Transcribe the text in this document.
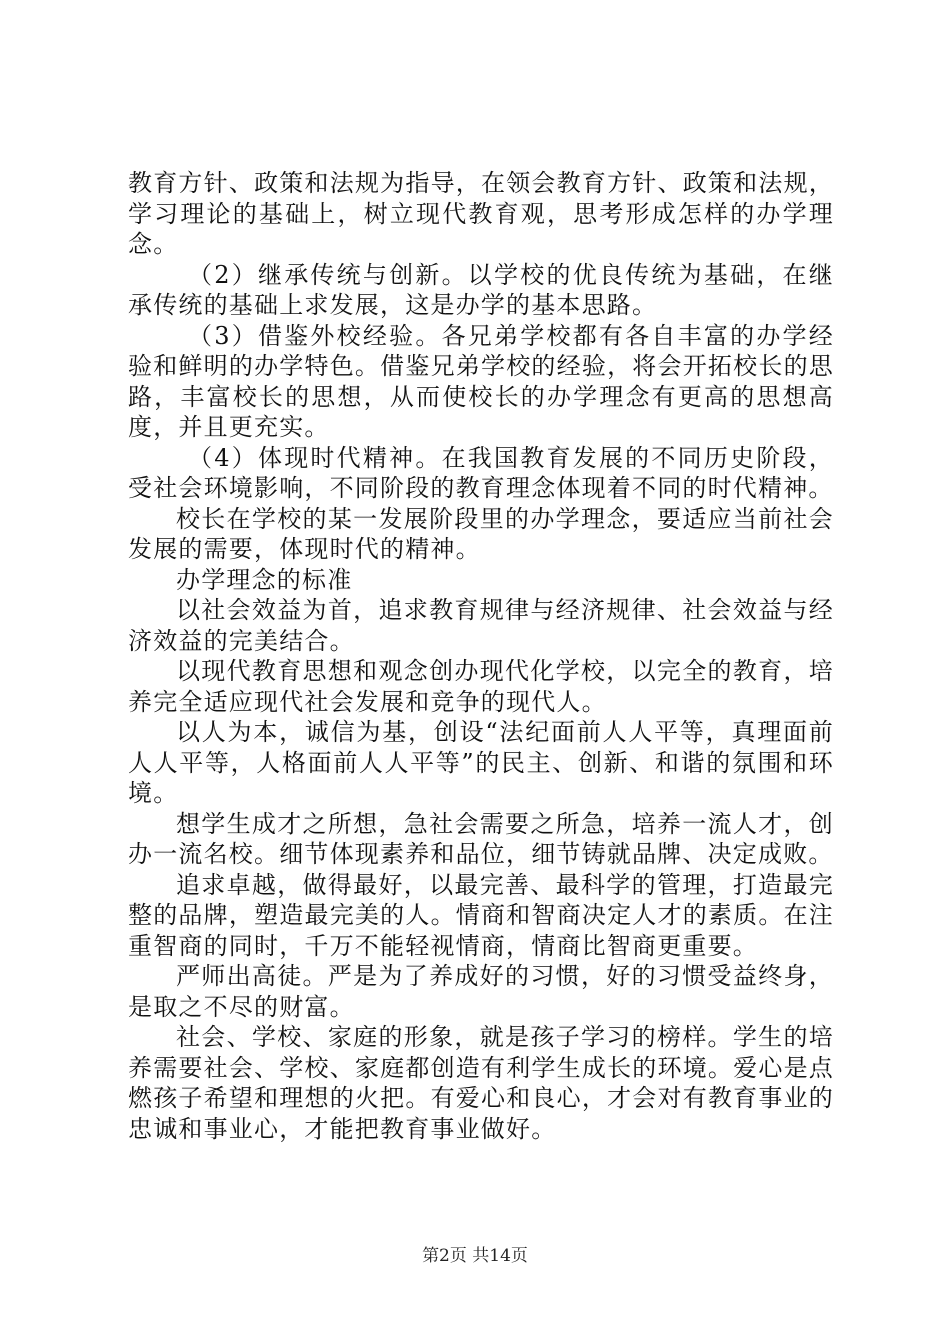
教育方针、政策和法规为指导，在领会教育方针、政策和法规，学习理论的基础上，树立现代教育观，思考形成怎样的办学理念。

（2）继承传统与创新。以学校的优良传统为基础，在继承传统的基础上求发展，这是办学的基本思路。

（3）借鉴外校经验。各兄弟学校都有各自丰富的办学经验和鲜明的办学特色。借鉴兄弟学校的经验，将会开拓校长的思路，丰富校长的思想，从而使校长的办学理念有更高的思想高度，并且更充实。

（4）体现时代精神。在我国教育发展的不同历史阶段，受社会环境影响，不同阶段的教育理念体现着不同的时代精神。

校长在学校的某一发展阶段里的办学理念，要适应当前社会发展的需要，体现时代的精神。

办学理念的标准

以社会效益为首，追求教育规律与经济规律、社会效益与经济效益的完美结合。

以现代教育思想和观念创办现代化学校，以完全的教育，培养完全适应现代社会发展和竞争的现代人。

以人为本，诚信为基，创设“法纪面前人人平等，真理面前人人平等，人格面前人人平等”的民主、创新、和谐的氛围和环境。

想学生成才之所想，急社会需要之所急，培养一流人才，创办一流名校。细节体现素养和品位，细节铸就品牌、决定成败。

追求卓越，做得最好，以最完善、最科学的管理，打造最完整的品牌，塑造最完美的人。情商和智商决定人才的素质。在注重智商的同时，千万不能轻视情商，情商比智商更重要。

严师出高徒。严是为了养成好的习惯，好的习惯受益终身，是取之不尽的财富。

社会、学校、家庭的形象，就是孩子学习的榜样。学生的培养需要社会、学校、家庭都创造有利学生成长的环境。爱心是点燃孩子希望和理想的火把。有爱心和良心，才会对有教育事业的忠诚和事业心，才能把教育事业做好。

第2页 共14页
